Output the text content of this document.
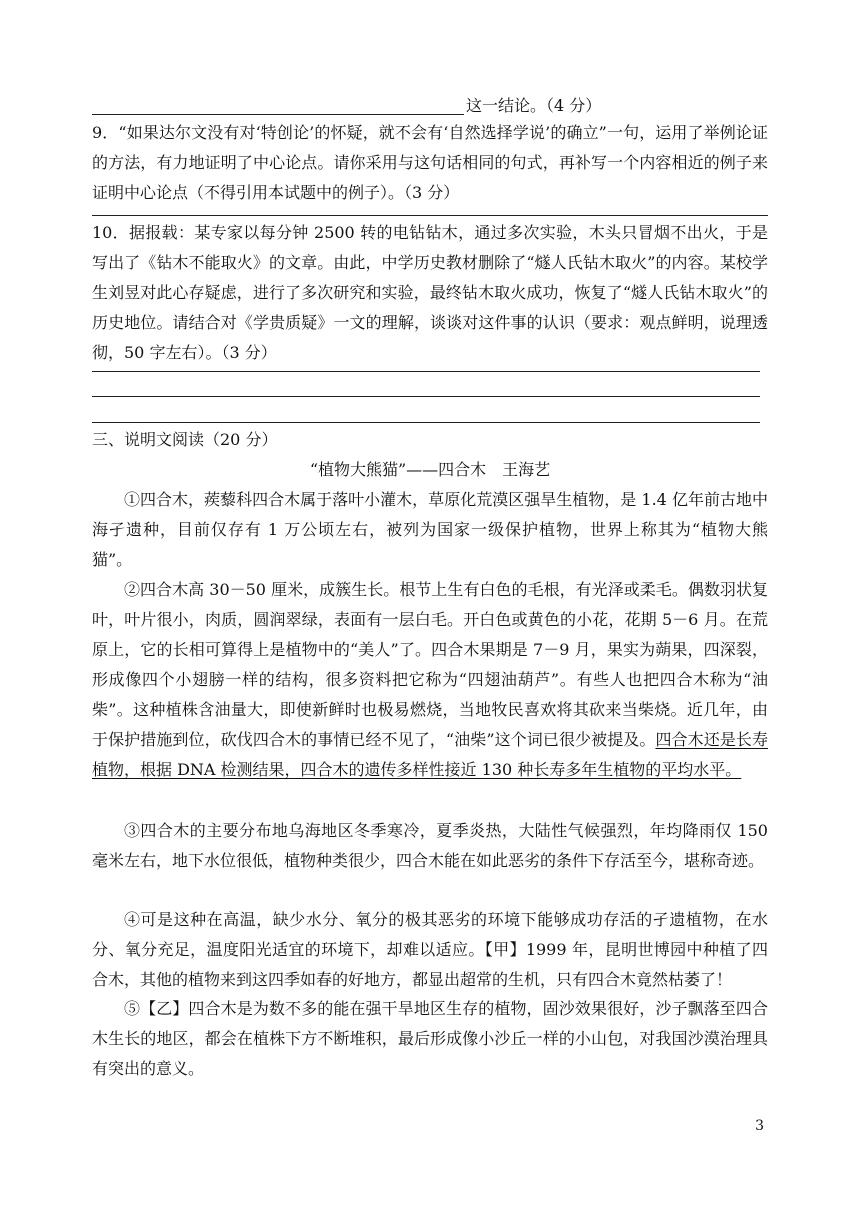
这一结论。（4 分）
9．“如果达尔文没有对‘特创论’的怀疑，就不会有‘自然选择学说’的确立”一句，运用了举例论证的方法，有力地证明了中心论点。请你采用与这句话相同的句式，再补写一个内容相近的例子来证明中心论点（不得引用本试题中的例子）。（3 分）
10．据报载：某专家以每分钟 2500 转的电钻钻木，通过多次实验，木头只冒烟不出火，于是写出了《钻木不能取火》的文章。由此，中学历史教材删除了“燧人氏钻木取火”的内容。某校学生刘昱对此心存疑虑，进行了多次研究和实验，最终钻木取火成功，恢复了“燧人氏钻木取火”的历史地位。请结合对《学贵质疑》一文的理解，谈谈对这件事的认识（要求：观点鲜明，说理透彻，50 字左右）。（3 分）
三、说明文阅读（20 分）
“植物大熊猫”——四合木　王海艺
①四合木，蒺藜科四合木属于落叶小灌木，草原化荒漠区强旱生植物，是 1.4 亿年前古地中海孑遗种，目前仅存有 1 万公顷左右，被列为国家一级保护植物，世界上称其为“植物大熊猫”。
②四合木高 30－50 厘米，成簇生长。根节上生有白色的毛根，有光泽或柔毛。偶数羽状复叶，叶片很小，肉质，圆润翠绿，表面有一层白毛。开白色或黄色的小花，花期 5－6 月。在荒原上，它的长相可算得上是植物中的“美人”了。四合木果期是 7－9 月，果实为蒴果，四深裂，形成像四个小翅膀一样的结构，很多资料把它称为“四翅油葫芦”。有些人也把四合木称为“油柴”。这种植株含油量大，即使新鲜时也极易燃烧，当地牧民喜欢将其砍来当柴烧。近几年，由于保护措施到位，砍伐四合木的事情已经不见了，“油柴”这个词已很少被提及。四合木还是长寿植物，根据 DNA 检测结果，四合木的遗传多样性接近 130 种长寿多年生植物的平均水平。
③四合木的主要分布地乌海地区冬季寒冷，夏季炎热，大陆性气候强烈，年均降雨仅 150 毫米左右，地下水位很低，植物种类很少，四合木能在如此恶劣的条件下存活至今，堪称奇迹。
④可是这种在高温，缺少水分、氧分的极其恶劣的环境下能够成功存活的孑遗植物，在水分、氧分充足，温度阳光适宜的环境下，却难以适应。【甲】1999 年，昆明世博园中种植了四合木，其他的植物来到这四季如春的好地方，都显出超常的生机，只有四合木竟然枯萎了！
⑤【乙】四合木是为数不多的能在强干旱地区生存的植物，固沙效果很好，沙子飘落至四合木生长的地区，都会在植株下方不断堆积，最后形成像小沙丘一样的小山包，对我国沙漠治理具有突出的意义。
3
